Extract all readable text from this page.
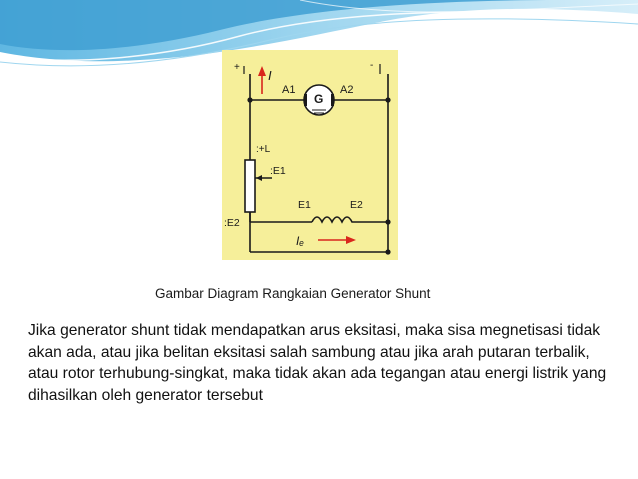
+	-
I
G
A1	A2
:+L
:E1
E1	E2
:E2
Iₑ
Gambar Diagram Rangkaian Generator Shunt

Jika generator shunt tidak mendapatkan arus eksitasi, maka sisa megnetisasi tidak akan ada, atau jika belitan eksitasi salah sambung atau jika arah putaran terbalik, atau rotor terhubung-singkat, maka tidak akan ada tegangan atau energi listrik yang dihasilkan oleh generator tersebut
